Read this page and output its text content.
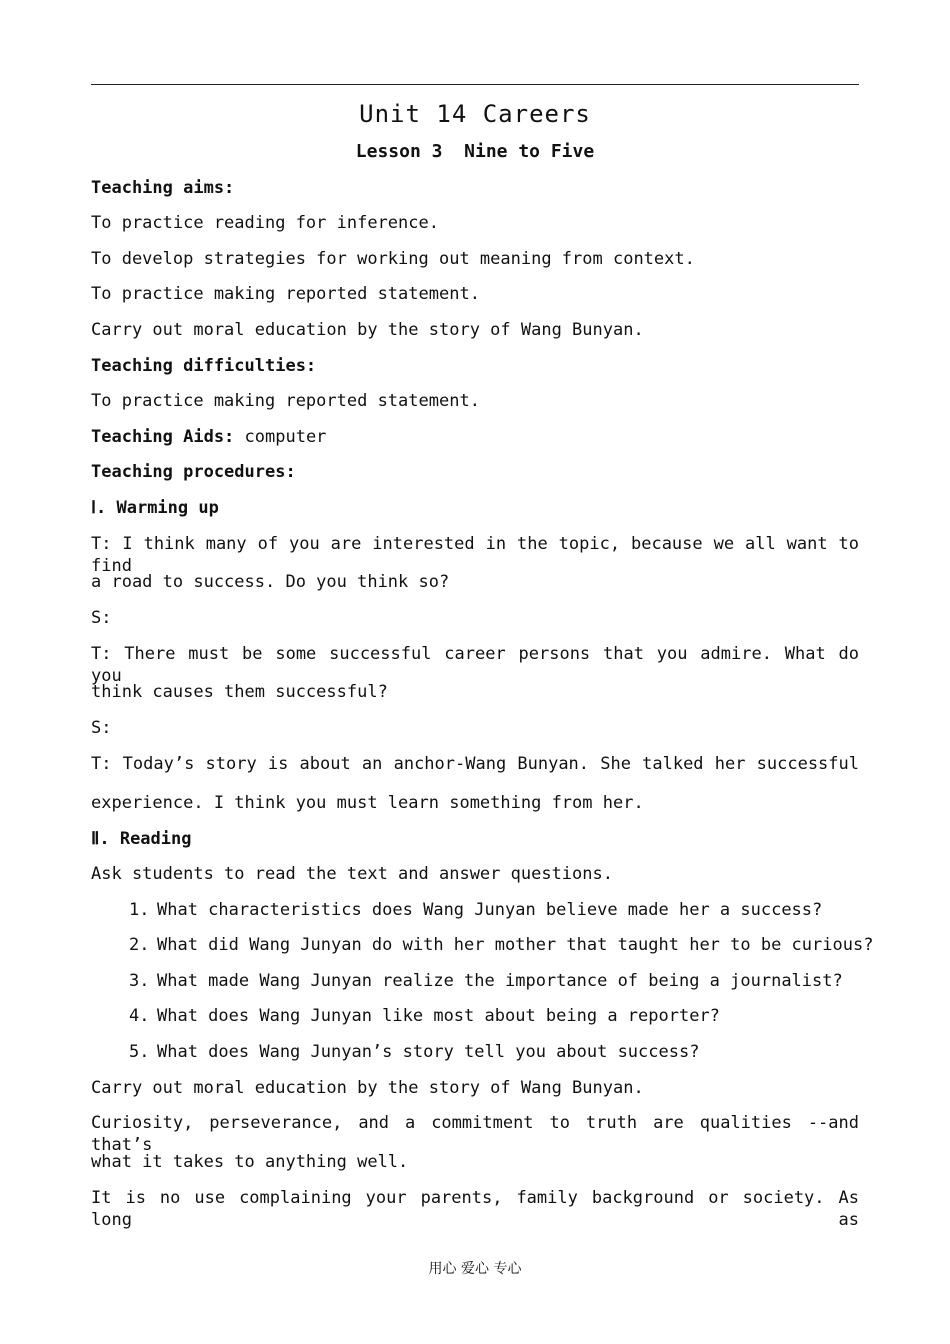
Unit 14 Careers
Lesson 3  Nine to Five
Teaching aims:
To practice reading for inference.
To develop strategies for working out meaning from context.
To practice making reported statement.
Carry out moral education by the story of Wang Bunyan.
Teaching difficulties:
To practice making reported statement.
Teaching Aids: computer
Teaching procedures:
Ⅰ. Warming up
T: I think many of you are interested in the topic, because we all want to find
a road to success. Do you think so?
S:
T: There must be some successful career persons that you admire. What do you
think causes them successful?
S:
T: Today’s story is about an anchor-Wang Bunyan. She talked her successful
experience. I think you must learn something from her.
Ⅱ. Reading
Ask students to read the text and answer questions.
1. What characteristics does Wang Junyan believe made her a success?
2. What did Wang Junyan do with her mother that taught her to be curious?
3. What made Wang Junyan realize the importance of being a journalist?
4. What does Wang Junyan like most about being a reporter?
5. What does Wang Junyan’s story tell you about success?
Carry out moral education by the story of Wang Bunyan.
Curiosity, perseverance, and a commitment to truth are qualities --and that’s
what it takes to anything well.
It is no use complaining your parents, family background or society. As long as
用心 爱心 专心
